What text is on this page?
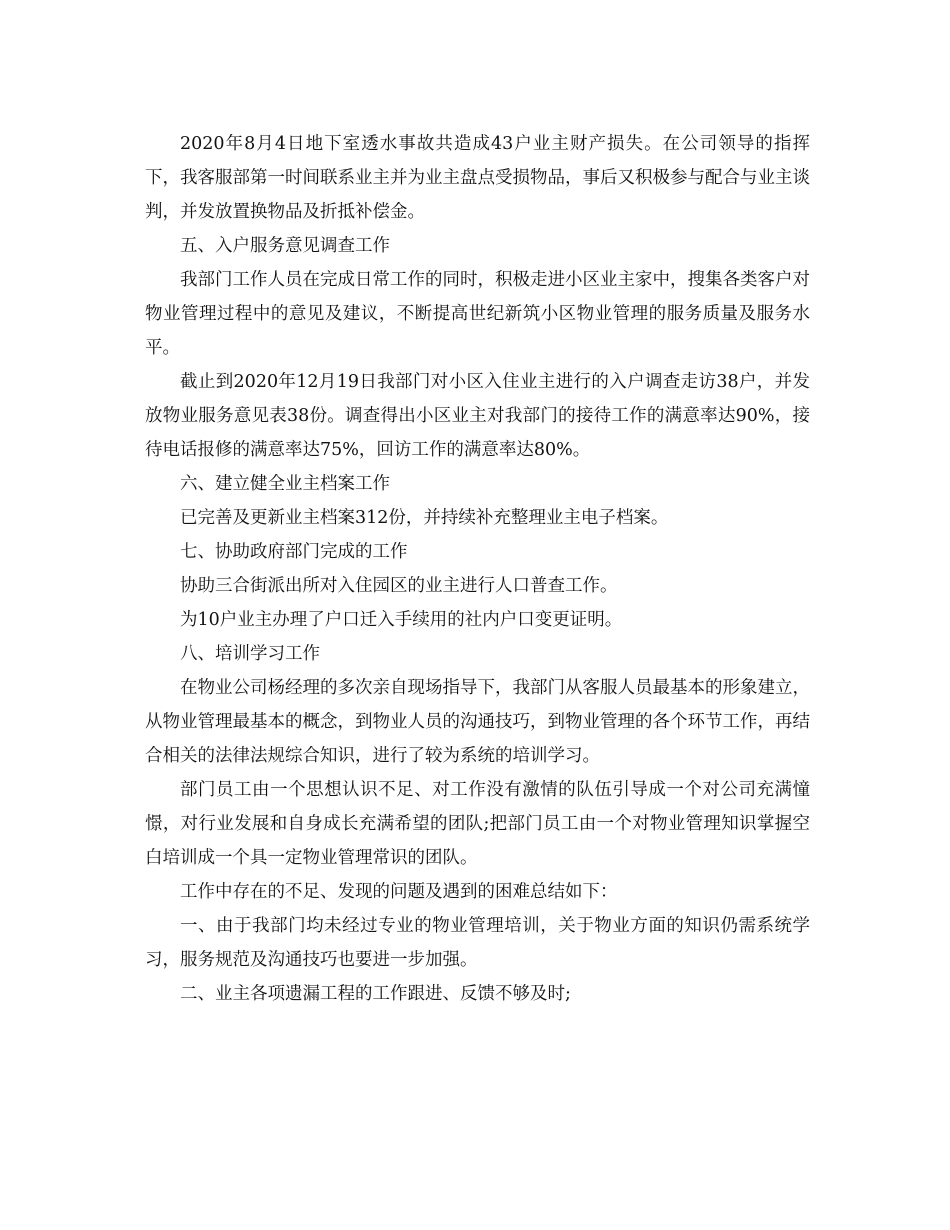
2020年8月4日地下室透水事故共造成43户业主财产损失。在公司领导的指挥下，我客服部第一时间联系业主并为业主盘点受损物品，事后又积极参与配合与业主谈判，并发放置换物品及折抵补偿金。

五、入户服务意见调查工作

我部门工作人员在完成日常工作的同时，积极走进小区业主家中，搜集各类客户对物业管理过程中的意见及建议，不断提高世纪新筑小区物业管理的服务质量及服务水平。

截止到2020年12月19日我部门对小区入住业主进行的入户调查走访38户，并发放物业服务意见表38份。调查得出小区业主对我部门的接待工作的满意率达90%，接待电话报修的满意率达75%，回访工作的满意率达80%。

六、建立健全业主档案工作

已完善及更新业主档案312份，并持续补充整理业主电子档案。

七、协助政府部门完成的工作

协助三合街派出所对入住园区的业主进行人口普查工作。

为10户业主办理了户口迁入手续用的社内户口变更证明。

八、培训学习工作

在物业公司杨经理的多次亲自现场指导下，我部门从客服人员最基本的形象建立，从物业管理最基本的概念，到物业人员的沟通技巧，到物业管理的各个环节工作，再结合相关的法律法规综合知识，进行了较为系统的培训学习。

部门员工由一个思想认识不足、对工作没有激情的队伍引导成一个对公司充满憧憬，对行业发展和自身成长充满希望的团队;把部门员工由一个对物业管理知识掌握空白培训成一个具一定物业管理常识的团队。

工作中存在的不足、发现的问题及遇到的困难总结如下：

一、由于我部门均未经过专业的物业管理培训，关于物业方面的知识仍需系统学习，服务规范及沟通技巧也要进一步加强。

二、业主各项遗漏工程的工作跟进、反馈不够及时;
